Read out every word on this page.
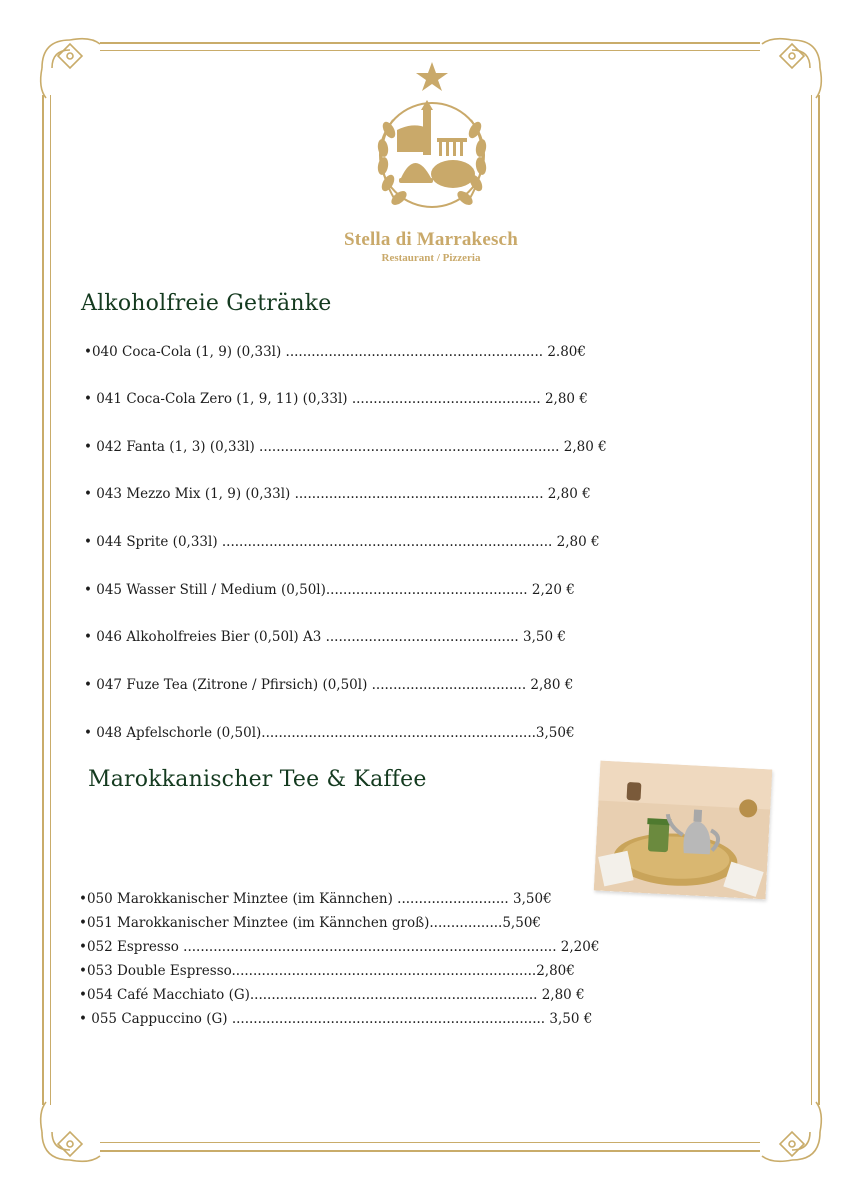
Stella di Marrakesch
Restaurant / Pizzeria
Alkoholfreie Getränke
•040 Coca-Cola (1, 9) (0,33l) ............................................................ 2.80€
• 041 Coca-Cola Zero (1, 9, 11) (0,33l) ............................................ 2,80 €
• 042 Fanta (1, 3) (0,33l) ...................................................................... 2,80 €
• 043 Mezzo Mix (1, 9) (0,33l) .......................................................... 2,80 €
• 044 Sprite (0,33l) ............................................................................. 2,80 €
• 045 Wasser Still / Medium (0,50l)............................................... 2,20 €
• 046 Alkoholfreies Bier (0,50l) A3 ............................................. 3,50 €
• 047 Fuze Tea (Zitrone / Pfirsich) (0,50l) .................................... 2,80 €
• 048 Apfelschorle (0,50l)................................................................3,50€
Marokkanischer Tee & Kaffee
•050 Marokkanischer Minztee (im Kännchen) .......................... 3,50€
•051 Marokkanischer Minztee (im Kännchen groß).................5,50€
•052 Espresso ....................................................................................... 2,20€
•053 Double Espresso.......................................................................2,80€
•054 Café Macchiato (G)................................................................... 2,80 €
• 055 Cappuccino (G) ......................................................................... 3,50 €
